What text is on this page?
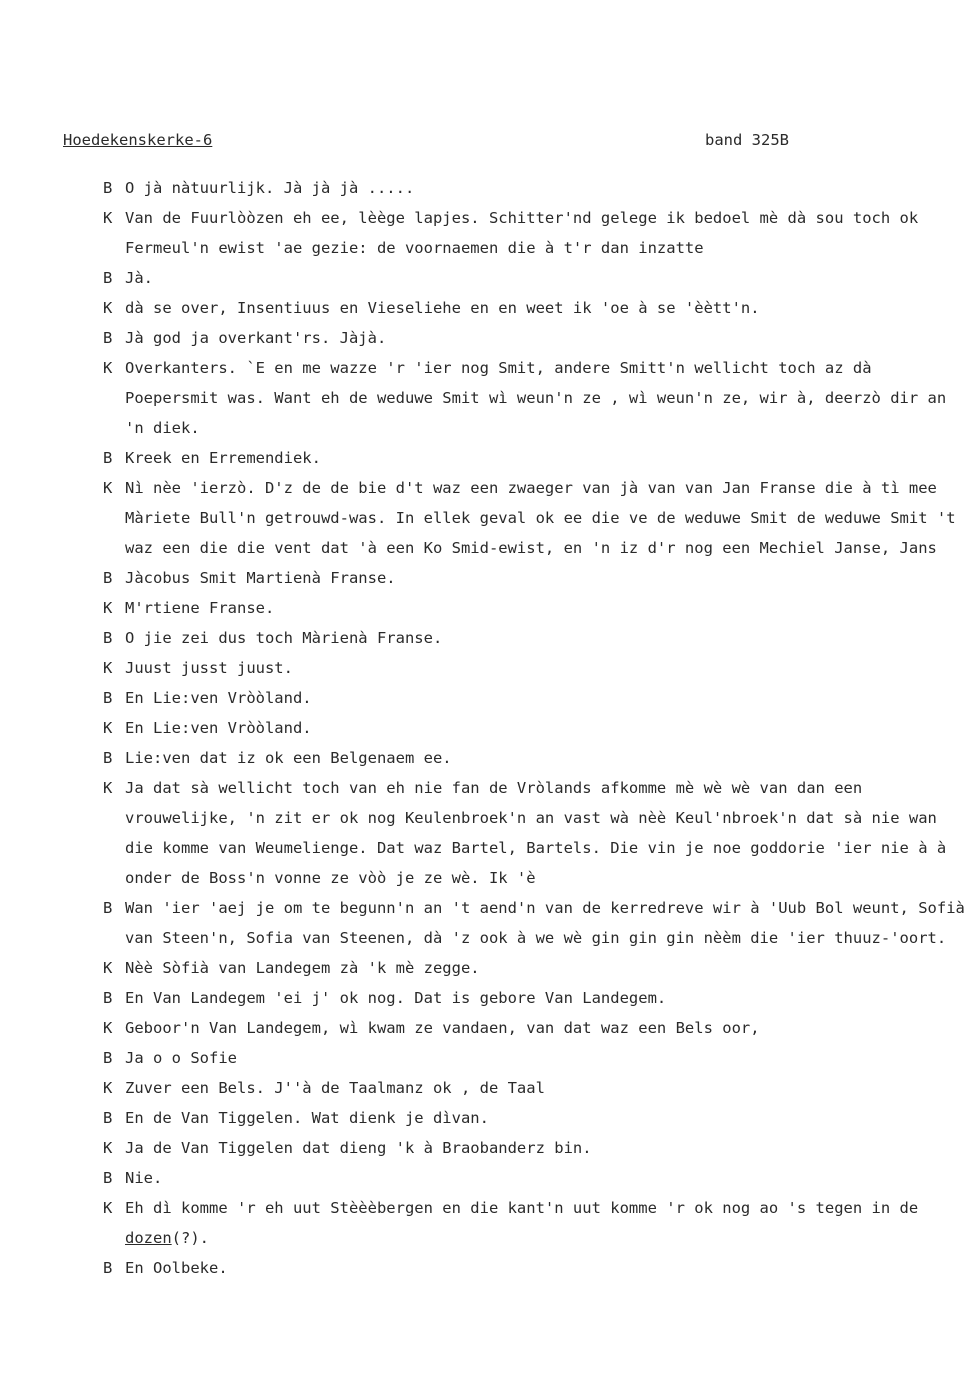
Hoedekenskerke-6	band 325B
B O jà nàtuurlijk. Jà jà jà .....
K Van de Fuurlòòzen eh ee, lèège lapjes. Schitter'nd gelege ik bedoel mè dà sou toch ok Fermeul'n ewist 'ae gezie: de voornaemen die à t'r dan inzatte
B Jà.
K dà se over, Insentiuus en Vieseliehe en en weet ik 'oe à se 'èètt'n.
B Jà god ja overkant'rs. Jàjà.
K Overkanters. `E en me wazze 'r 'ier nog Smit, andere Smitt'n wellicht toch az dà Poepersmit was. Want eh de weduwe Smit wì weun'n ze , wì weun'n ze, wir à, deerzò dir an 'n diek.
B Kreek en Erremendiek.
K Nì nèe 'ierzò. D'z de de bie d't waz een zwaeger van jà van van Jan Franse die à tì mee Màriete Bull'n getrouwd-was. In ellek geval ok ee die ve de weduwe Smit de weduwe Smit 't waz een die die vent dat 'à een Ko Smid-ewist, en 'n iz d'r nog een Mechiel Janse, Jans
B Jàcobus Smit Martienà Franse.
K M'rtiene Franse.
B O jie zei dus toch Màrienà Franse.
K Juust jusst juust.
B En Lie:ven Vròòland.
K En Lie:ven Vròòland.
B Lie:ven dat iz ok een Belgenaem ee.
K Ja dat sà wellicht toch van eh nie fan de Vròlands afkomme mè wè wè van dan een vrouwelijke, 'n zit er ok nog Keulenbroek'n an vast wà nèè Keul'nbroek'n dat sà nie wan die komme van Weumelienge. Dat waz Bartel, Bartels. Die vin je noe goddorie 'ier nie à à onder de Boss'n vonne ze vòò je ze wè. Ik 'è
B Wan 'ier 'aej je om te begunn'n an 't aend'n van de kerredreve wir à 'Uub Bol weunt, Sofià van Steen'n, Sofia van Steenen, dà 'z ook à we wè gin gin gin nèèm die 'ier thuuz-'oort.
K Nèè Sòfià van Landegem zà 'k mè zegge.
B En Van Landegem 'ei j' ok nog. Dat is gebore Van Landegem.
K Geboor'n Van Landegem, wì kwam ze vandaen, van dat waz een Bels oor,
B Ja o o Sofie
K Zuver een Bels. J''à de Taalmanz ok , de Taal
B En de Van Tiggelen. Wat dienk je dìvan.
K Ja de Van Tiggelen dat dieng 'k à Braobanderz bin.
B Nie.
K Eh dì komme 'r eh uut Stèèèbergen en die kant'n uut komme 'r ok nog ao 's tegen in de dozen(?).
B En Oolbeke.
